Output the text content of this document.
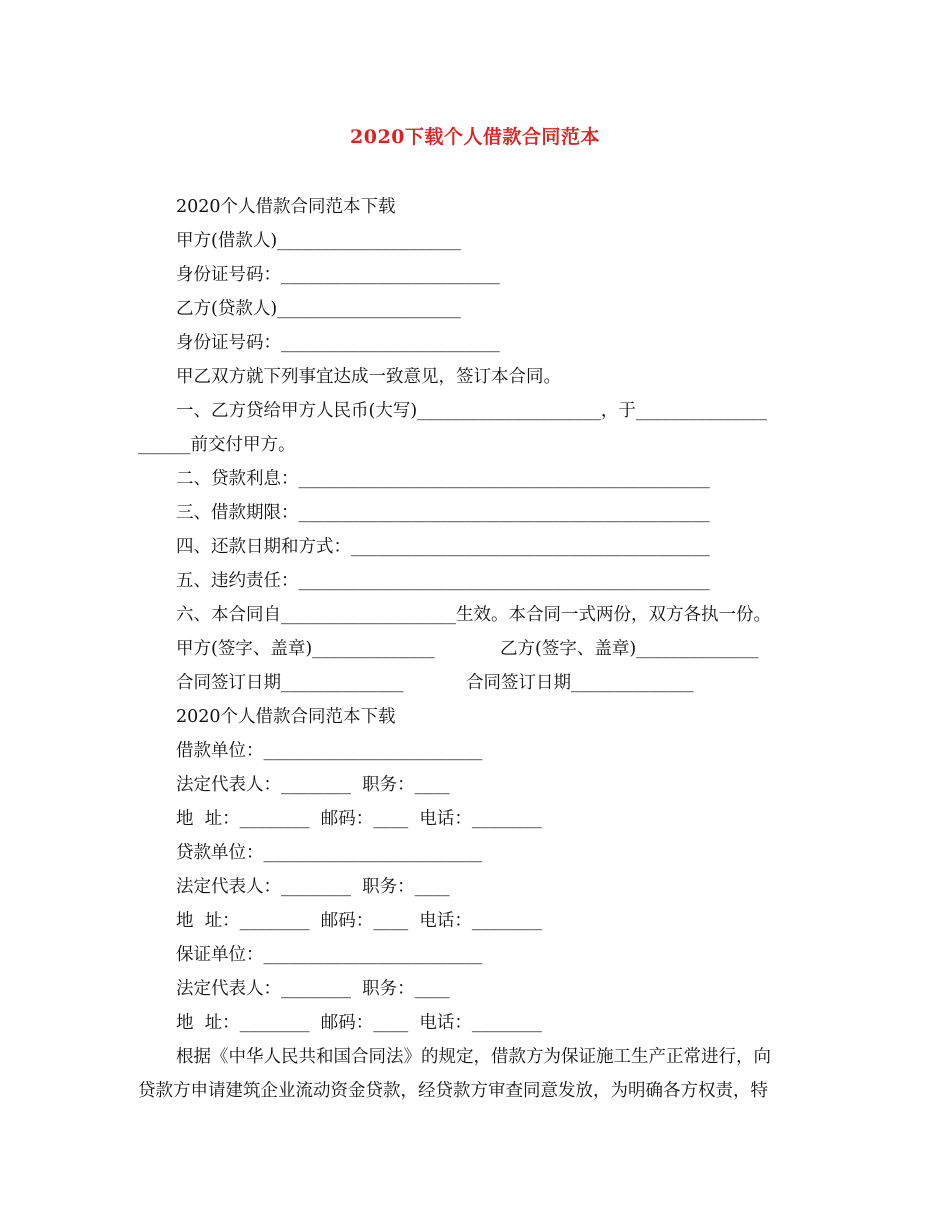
2020下载个人借款合同范本
2020个人借款合同范本下载
甲方(借款人)_____________________
身份证号码：_________________________
乙方(贷款人)_____________________
身份证号码：_________________________
甲乙双方就下列事宜达成一致意见，签订本合同。
一、乙方贷给甲方人民币(大写)_____________________，于_______________
______前交付甲方。
二、贷款利息：_______________________________________________
三、借款期限：_______________________________________________
四、还款日期和方式：_________________________________________
五、违约责任：_______________________________________________
六、本合同自____________________生效。本合同一式两份，双方各执一份。
甲方(签字、盖章)______________	乙方(签字、盖章)______________
合同签订日期______________	合同签订日期______________
2020个人借款合同范本下载
借款单位：_________________________
法定代表人：________  职务：____
地  址：________  邮码：____  电话：________
贷款单位：_________________________
法定代表人：________  职务：____
地  址：________  邮码：____  电话：________
保证单位：_________________________
法定代表人：________  职务：____
地  址：________  邮码：____  电话：________
根据《中华人民共和国合同法》的规定，借款方为保证施工生产正常进行，向
贷款方申请建筑企业流动资金贷款，经贷款方审查同意发放，为明确各方权责，特
